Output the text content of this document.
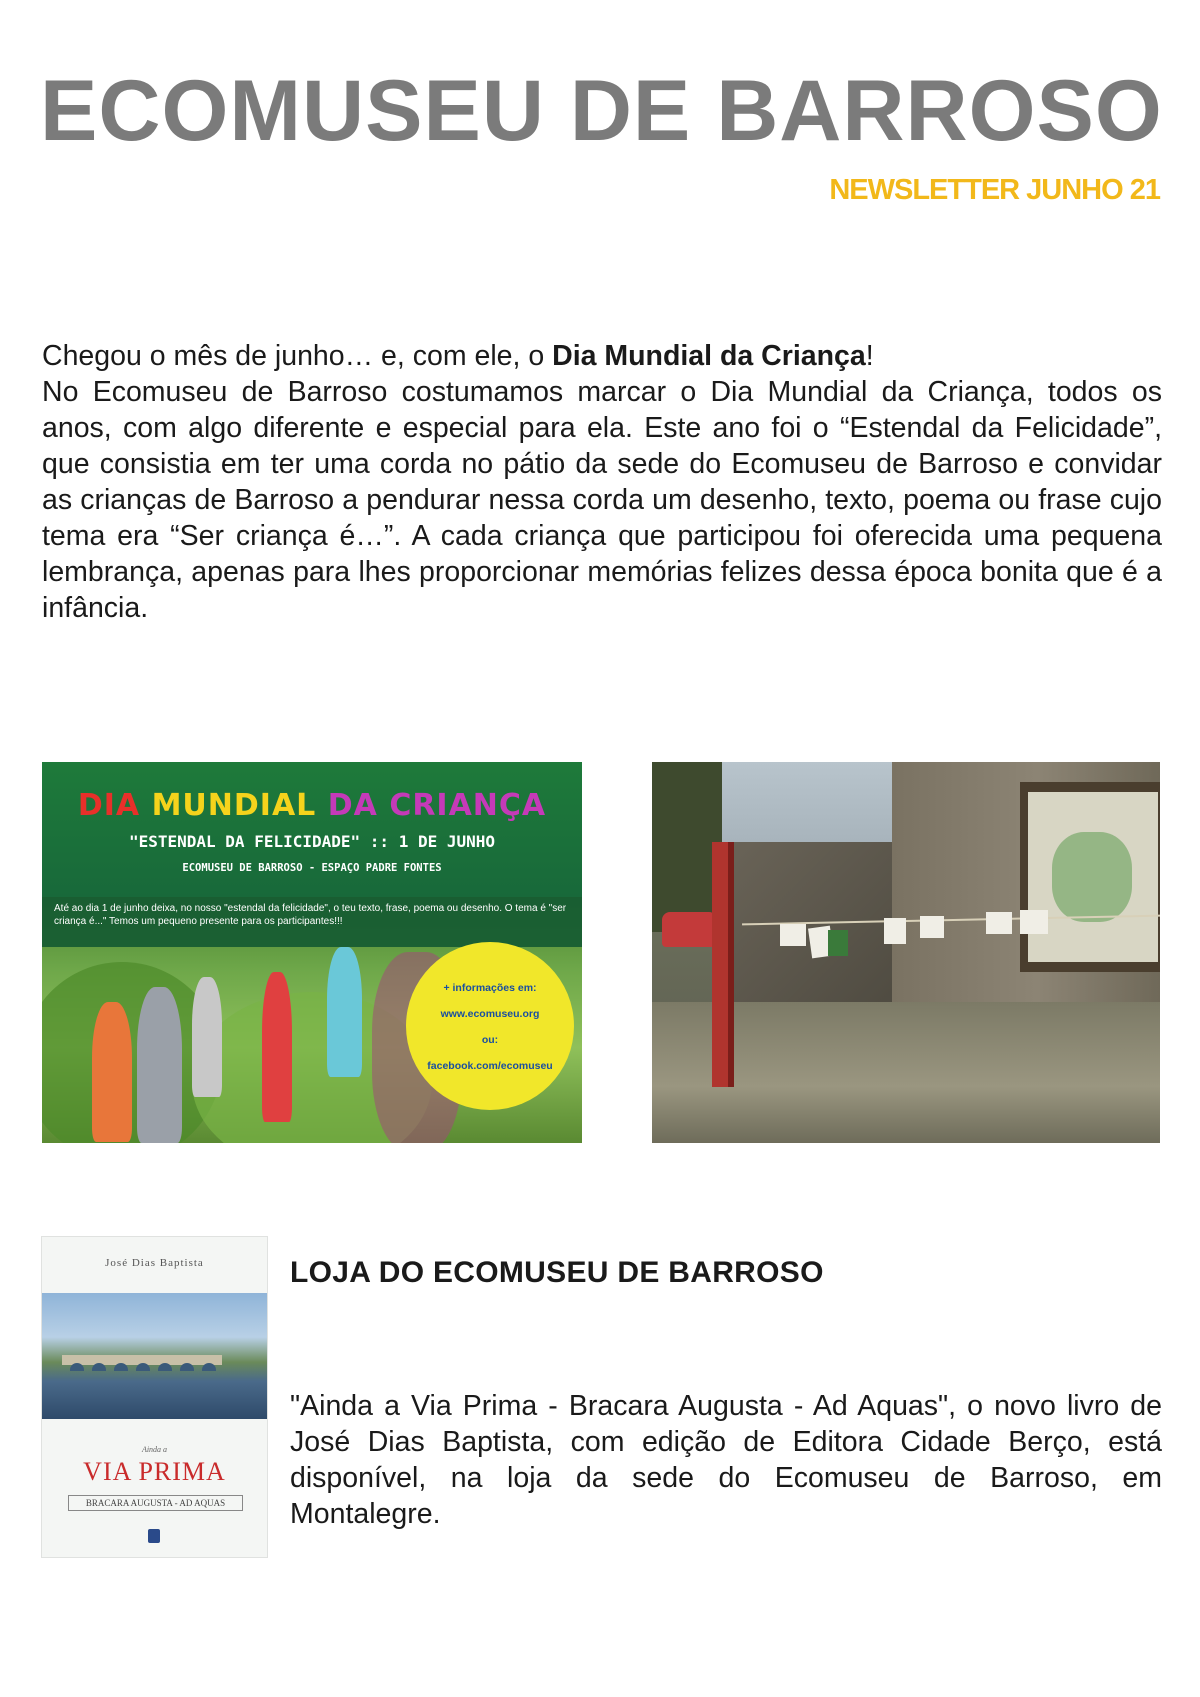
ECOMUSEU DE BARROSO
NEWSLETTER JUNHO 21

Chegou o mês de junho… e, com ele, o Dia Mundial da Criança!
No Ecomuseu de Barroso costumamos marcar o Dia Mundial da Criança, todos os anos, com algo diferente e especial para ela. Este ano foi o “Estendal da Felicidade”, que consistia em ter uma corda no pátio da sede do Ecomuseu de Barroso e convidar as crianças de Barroso a pendurar nessa corda um desenho, texto, poema ou frase cujo tema era “Ser criança é…”. A cada criança que participou foi oferecida uma pequena lembrança, apenas para lhes proporcionar memórias felizes dessa época bonita que é a infância.

DIA MUNDIAL DA CRIANÇA
"ESTENDAL DA FELICIDADE" :: 1 DE JUNHO
ECOMUSEU DE BARROSO - ESPAÇO PADRE FONTES
Até ao dia 1 de junho deixa, no nosso "estendal da felicidade", o teu texto, frase, poema ou desenho. O tema é "ser criança é..." Temos um pequeno presente para os participantes!!!
+ informações em:
www.ecomuseu.org
ou:
facebook.com/ecomuseu
José Dias Baptista
Ainda a
VIA PRIMA
BRACARA AUGUSTA - AD AQUAS
LOJA DO ECOMUSEU DE BARROSO

"Ainda a Via Prima - Bracara Augusta - Ad Aquas", o novo livro de José Dias Baptista, com edição de Editora Cidade Berço, está disponível, na loja da sede do Ecomuseu de Barroso, em Montalegre.
